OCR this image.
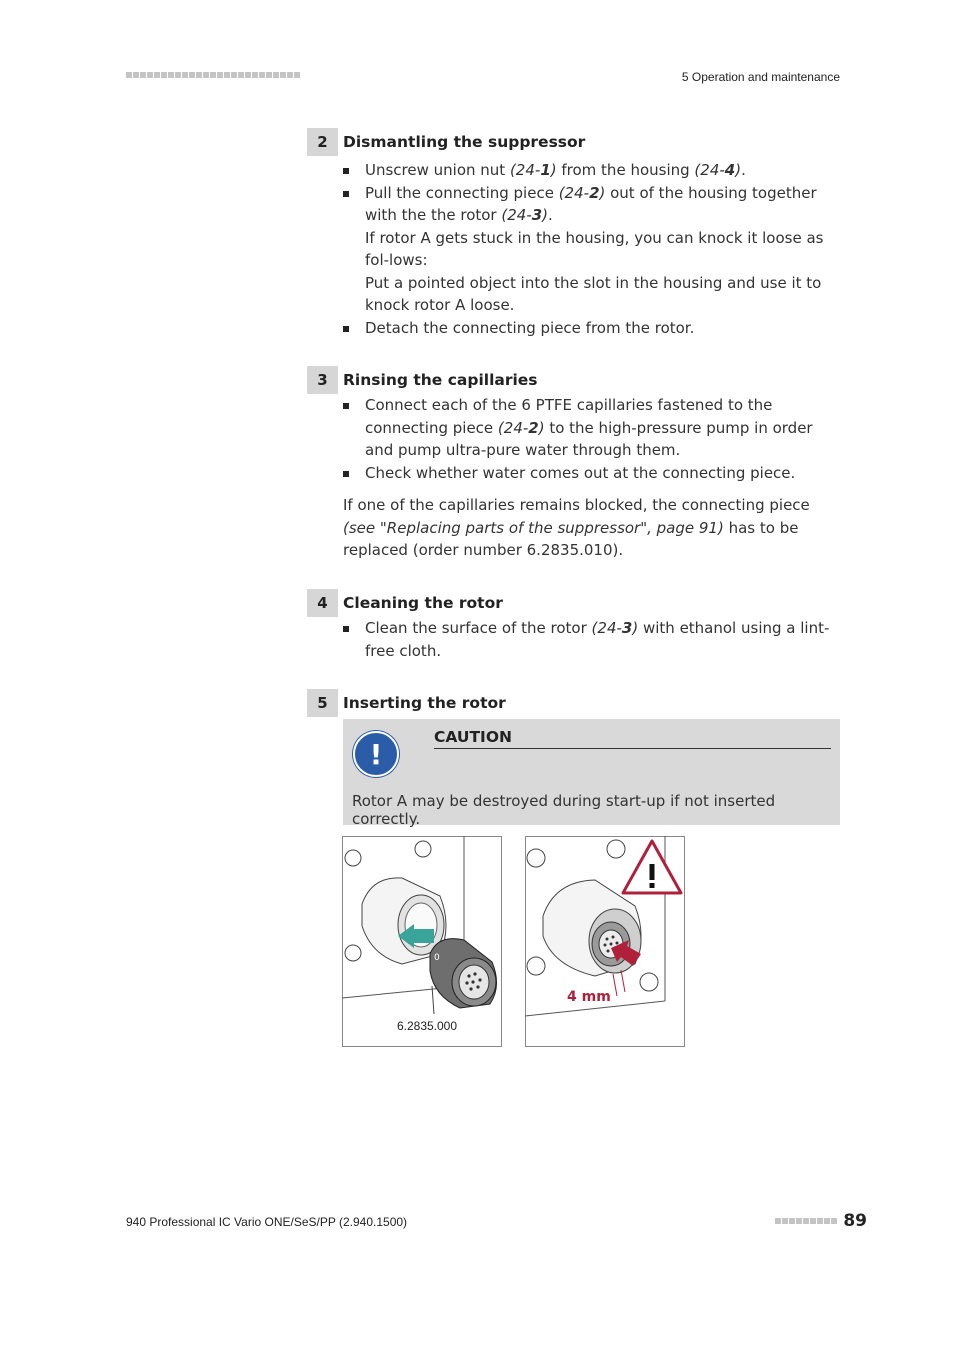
5 Operation and maintenance
2 Dismantling the suppressor
Unscrew union nut (24-1) from the housing (24-4).
Pull the connecting piece (24-2) out of the housing together with the the rotor (24-3).
If rotor A gets stuck in the housing, you can knock it loose as fol-lows:
Put a pointed object into the slot in the housing and use it to knock rotor A loose.
Detach the connecting piece from the rotor.
3 Rinsing the capillaries
Connect each of the 6 PTFE capillaries fastened to the connecting piece (24-2) to the high-pressure pump in order and pump ultra-pure water through them.
Check whether water comes out at the connecting piece.
If one of the capillaries remains blocked, the connecting piece (see "Replacing parts of the suppressor", page 91) has to be replaced (order number 6.2835.010).
4 Cleaning the rotor
Clean the surface of the rotor (24-3) with ethanol using a lint-free cloth.
5 Inserting the rotor
!
CAUTION
Rotor A may be destroyed during start-up if not inserted correctly.
0
6.2835.000
4 mm
940 Professional IC Vario ONE/SeS/PP (2.940.1500)	89
